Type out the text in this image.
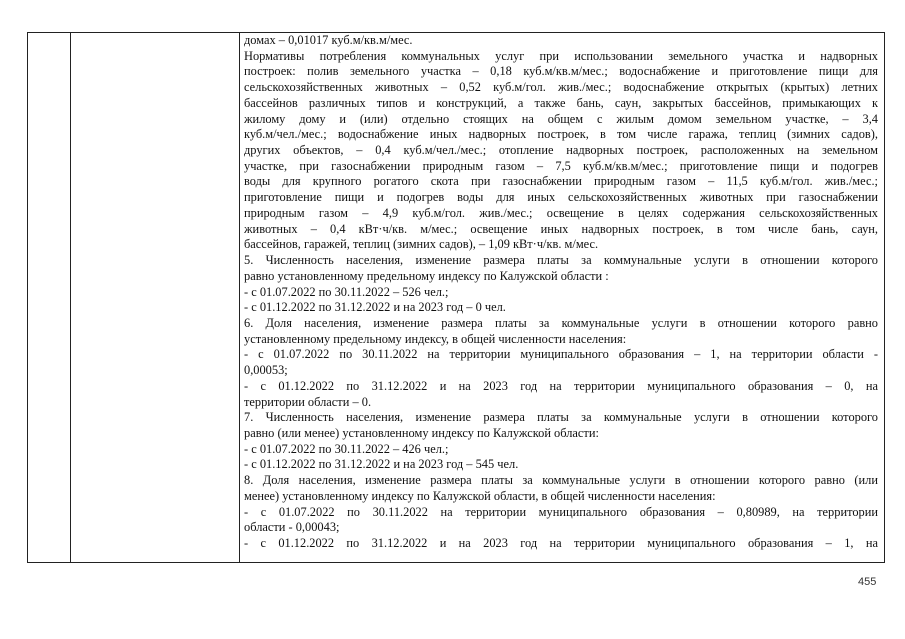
домах – 0,01017 куб.м/кв.м/мес.
Нормативы потребления коммунальных услуг при использовании земельного участка и надворных
построек: полив земельного участка – 0,18 куб.м/кв.м/мес.; водоснабжение и приготовление пищи для
сельскохозяйственных животных – 0,52 куб.м/гол. жив./мес.; водоснабжение открытых (крытых) летних
бассейнов различных типов и конструкций, а также бань, саун, закрытых бассейнов, примыкающих к
жилому дому и (или) отдельно стоящих на общем с жилым домом земельном участке, – 3,4
куб.м/чел./мес.; водоснабжение иных надворных построек, в том числе гаража, теплиц (зимних садов),
других объектов, – 0,4 куб.м/чел./мес.; отопление надворных построек, расположенных на земельном
участке, при газоснабжении природным газом – 7,5 куб.м/кв.м/мес.; приготовление пищи и подогрев
воды для крупного рогатого скота при газоснабжении природным газом – 11,5 куб.м/гол. жив./мес.;
приготовление пищи и подогрев воды для иных сельскохозяйственных животных при газоснабжении
природным газом – 4,9 куб.м/гол. жив./мес.; освещение в целях содержания сельскохозяйственных
животных – 0,4 кВт·ч/кв. м/мес.; освещение иных надворных построек, в том числе бань, саун,
бассейнов, гаражей, теплиц (зимних садов), – 1,09 кВт·ч/кв. м/мес.
5. Численность населения, изменение размера платы за коммунальные услуги в отношении которого
равно установленному предельному индексу по Калужской области :
- с 01.07.2022 по 30.11.2022 – 526 чел.;
- с 01.12.2022 по 31.12.2022 и на 2023 год – 0 чел.
6. Доля населения, изменение размера платы за коммунальные услуги в отношении которого равно
установленному предельному индексу, в общей численности населения:
- с 01.07.2022 по 30.11.2022 на территории муниципального образования – 1, на территории области -
0,00053;
- с 01.12.2022 по 31.12.2022 и на 2023 год на территории муниципального образования – 0, на
территории области – 0.
7. Численность населения, изменение размера платы за коммунальные услуги в отношении которого
равно (или менее) установленному индексу по Калужской области:
- с 01.07.2022 по 30.11.2022 – 426 чел.;
- с 01.12.2022 по 31.12.2022 и на 2023 год – 545 чел.
8. Доля населения, изменение размера платы за коммунальные услуги в отношении которого равно (или
менее) установленному индексу по Калужской области, в общей численности населения:
- с 01.07.2022 по 30.11.2022 на территории муниципального образования – 0,80989, на территории
области - 0,00043;
- с 01.12.2022 по 31.12.2022 и на 2023 год на территории муниципального образования – 1, на
455
